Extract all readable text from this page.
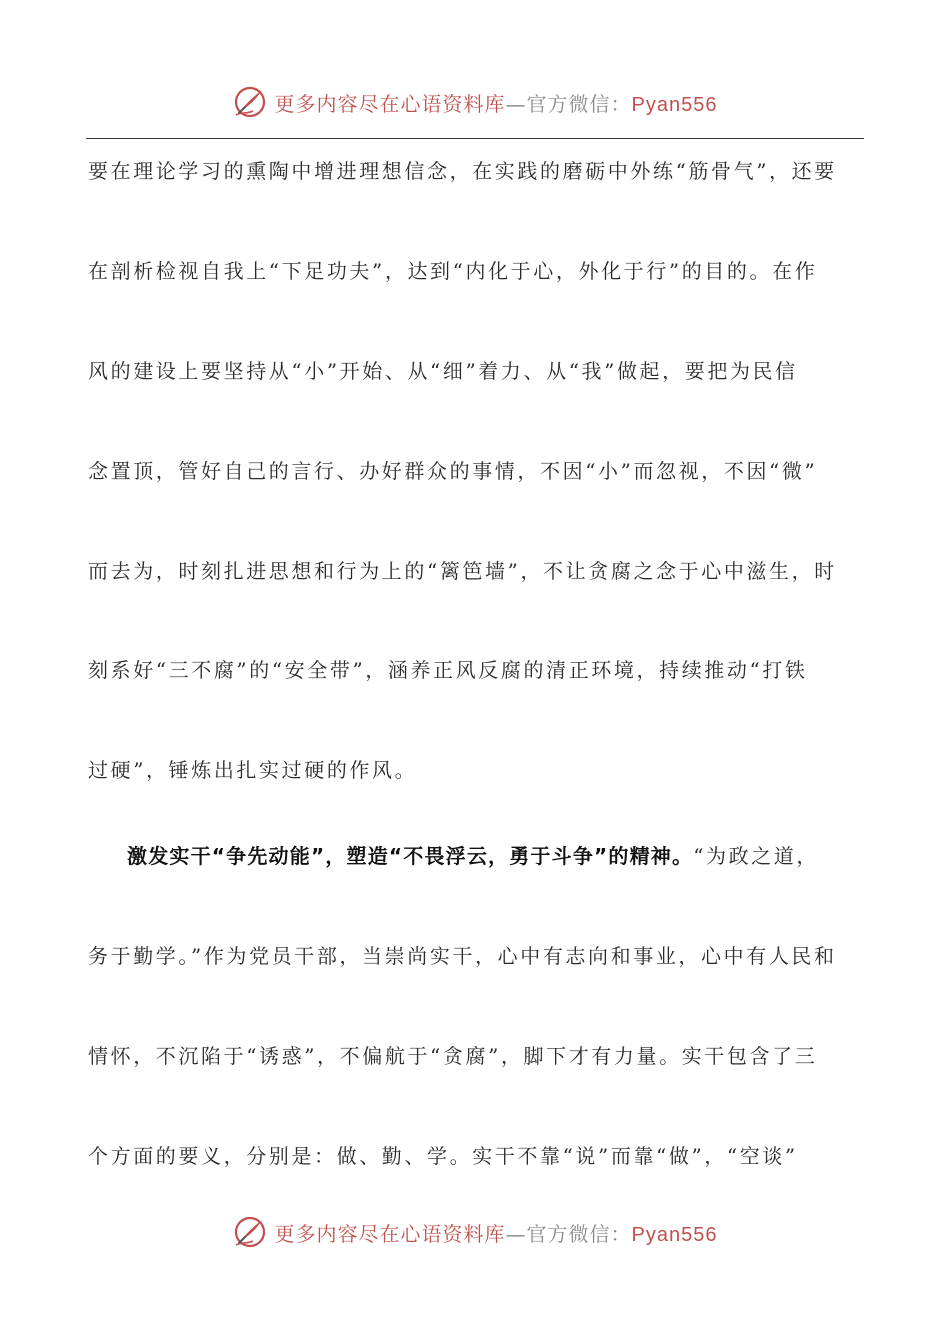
更多内容尽在心语资料库—官方微信：Pyan556
要在理论学习的熏陶中增进理想信念，在实践的磨砺中外练“筋骨气”，还要
在剖析检视自我上“下足功夫”，达到“内化于心，外化于行”的目的。在作
风的建设上要坚持从“小”开始、从“细”着力、从“我”做起，要把为民信
念置顶，管好自己的言行、办好群众的事情，不因“小”而忽视，不因“微”
而去为，时刻扎进思想和行为上的“篱笆墙”，不让贪腐之念于心中滋生，时
刻系好“三不腐”的“安全带”，涵养正风反腐的清正环境，持续推动“打铁
过硬”，锤炼出扎实过硬的作风。
激发实干“争先动能”，塑造“不畏浮云，勇于斗争”的精神。“为政之道，
务于勤学。”作为党员干部，当崇尚实干，心中有志向和事业，心中有人民和
情怀，不沉陷于“诱惑”，不偏航于“贪腐”，脚下才有力量。实干包含了三
个方面的要义，分别是：做、勤、学。实干不靠“说”而靠“做”，“空谈”
更多内容尽在心语资料库—官方微信：Pyan556
